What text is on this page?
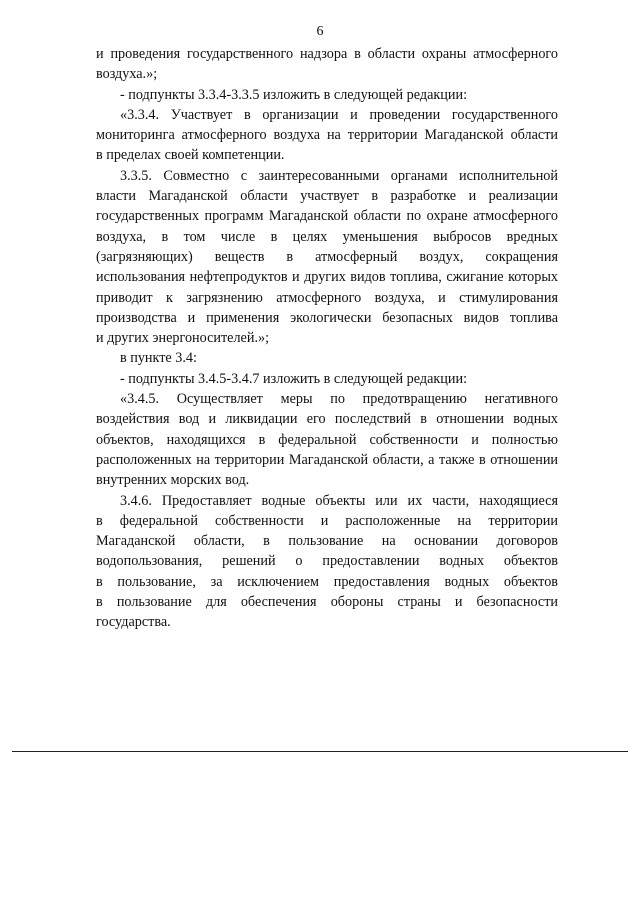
6
и проведения государственного надзора в области охраны атмосферного
воздуха.»;
- подпункты 3.3.4-3.3.5 изложить в следующей редакции:
«3.3.4. Участвует в организации и проведении государственного
мониторинга атмосферного воздуха на территории Магаданской области
в пределах своей компетенции.
3.3.5. Совместно с заинтересованными органами исполнительной
власти Магаданской области участвует в разработке и реализации
государственных программ Магаданской области по охране атмосферного
воздуха, в том числе в целях уменьшения выбросов вредных
(загрязняющих) веществ в атмосферный воздух, сокращения
использования нефтепродуктов и других видов топлива, сжигание которых
приводит к загрязнению атмосферного воздуха, и стимулирования
производства и применения экологически безопасных видов топлива
и других энергоносителей.»;
в пункте 3.4:
- подпункты 3.4.5-3.4.7 изложить в следующей редакции:
«3.4.5. Осуществляет меры по предотвращению негативного
воздействия вод и ликвидации его последствий в отношении водных
объектов, находящихся в федеральной собственности и полностью
расположенных на территории Магаданской области, а также в отношении
внутренних морских вод.
3.4.6. Предоставляет водные объекты или их части, находящиеся
в федеральной собственности и расположенные на территории
Магаданской области, в пользование на основании договоров
водопользования, решений о предоставлении водных объектов
в пользование, за исключением предоставления водных объектов
в пользование для обеспечения обороны страны и безопасности
государства.
